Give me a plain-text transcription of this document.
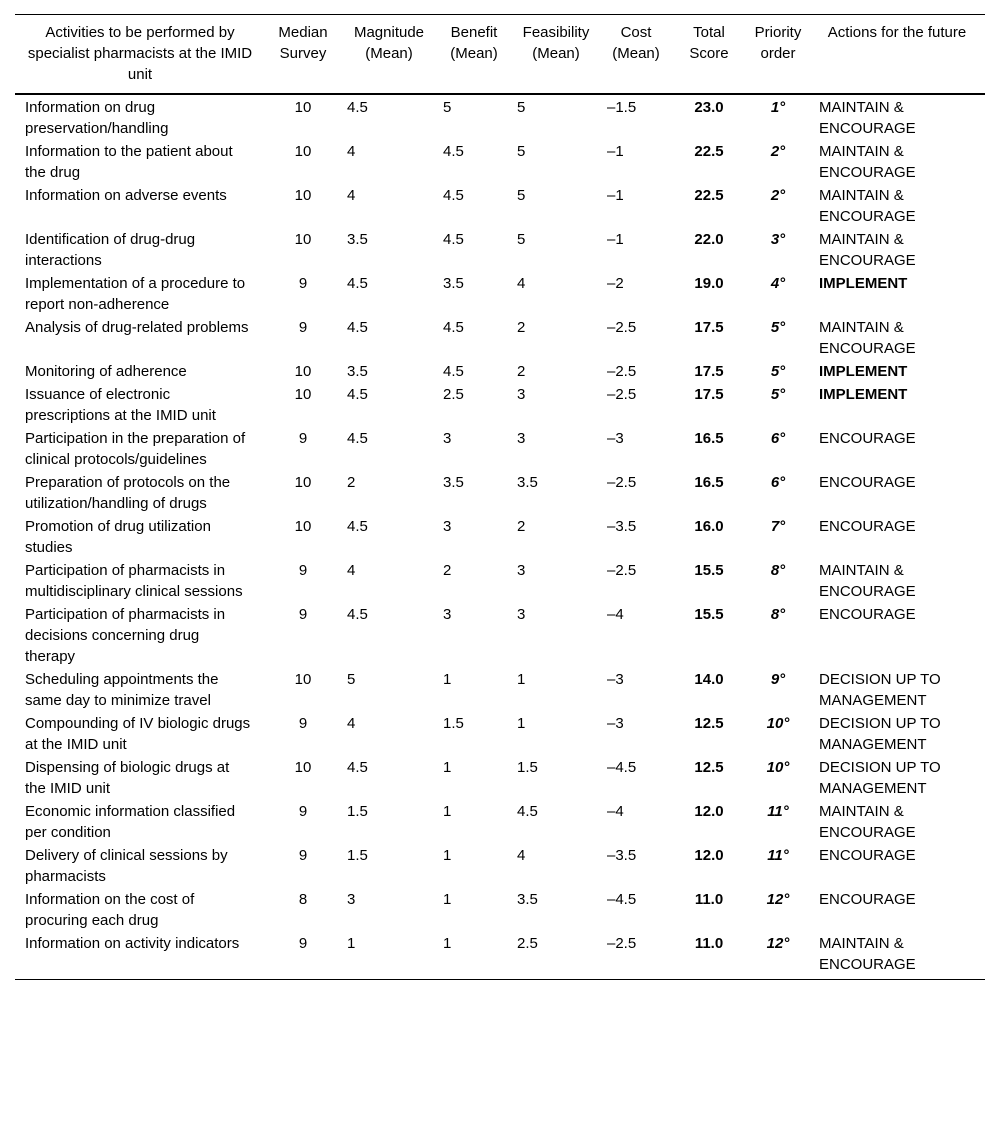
Activities to be performed by specialist pharmacists at the IMID unit	Median Survey	Magnitude (Mean)	Benefit (Mean)	Feasibility (Mean)	Cost (Mean)	Total Score	Priority order	Actions for the future
Information on drug preservation/handling	10	4.5	5	5	–1.5	23.0	1°	MAINTAIN & ENCOURAGE
Information to the patient about the drug	10	4	4.5	5	–1	22.5	2°	MAINTAIN & ENCOURAGE
Information on adverse events	10	4	4.5	5	–1	22.5	2°	MAINTAIN & ENCOURAGE
Identification of drug-drug interactions	10	3.5	4.5	5	–1	22.0	3°	MAINTAIN & ENCOURAGE
Implementation of a procedure to report non-adherence	9	4.5	3.5	4	–2	19.0	4°	IMPLEMENT
Analysis of drug-related problems	9	4.5	4.5	2	–2.5	17.5	5°	MAINTAIN & ENCOURAGE
Monitoring of adherence	10	3.5	4.5	2	–2.5	17.5	5°	IMPLEMENT
Issuance of electronic prescriptions at the IMID unit	10	4.5	2.5	3	–2.5	17.5	5°	IMPLEMENT
Participation in the preparation of clinical protocols/guidelines	9	4.5	3	3	–3	16.5	6°	ENCOURAGE
Preparation of protocols on the utilization/handling of drugs	10	2	3.5	3.5	–2.5	16.5	6°	ENCOURAGE
Promotion of drug utilization studies	10	4.5	3	2	–3.5	16.0	7°	ENCOURAGE
Participation of pharmacists in multidisciplinary clinical sessions	9	4	2	3	–2.5	15.5	8°	MAINTAIN & ENCOURAGE
Participation of pharmacists in decisions concerning drug therapy	9	4.5	3	3	–4	15.5	8°	ENCOURAGE
Scheduling appointments the same day to minimize travel	10	5	1	1	–3	14.0	9°	DECISION UP TO MANAGEMENT
Compounding of IV biologic drugs at the IMID unit	9	4	1.5	1	–3	12.5	10°	DECISION UP TO MANAGEMENT
Dispensing of biologic drugs at the IMID unit	10	4.5	1	1.5	–4.5	12.5	10°	DECISION UP TO MANAGEMENT
Economic information classified per condition	9	1.5	1	4.5	–4	12.0	11°	MAINTAIN & ENCOURAGE
Delivery of clinical sessions by pharmacists	9	1.5	1	4	–3.5	12.0	11°	ENCOURAGE
Information on the cost of procuring each drug	8	3	1	3.5	–4.5	11.0	12°	ENCOURAGE
Information on activity indicators	9	1	1	2.5	–2.5	11.0	12°	MAINTAIN & ENCOURAGE
